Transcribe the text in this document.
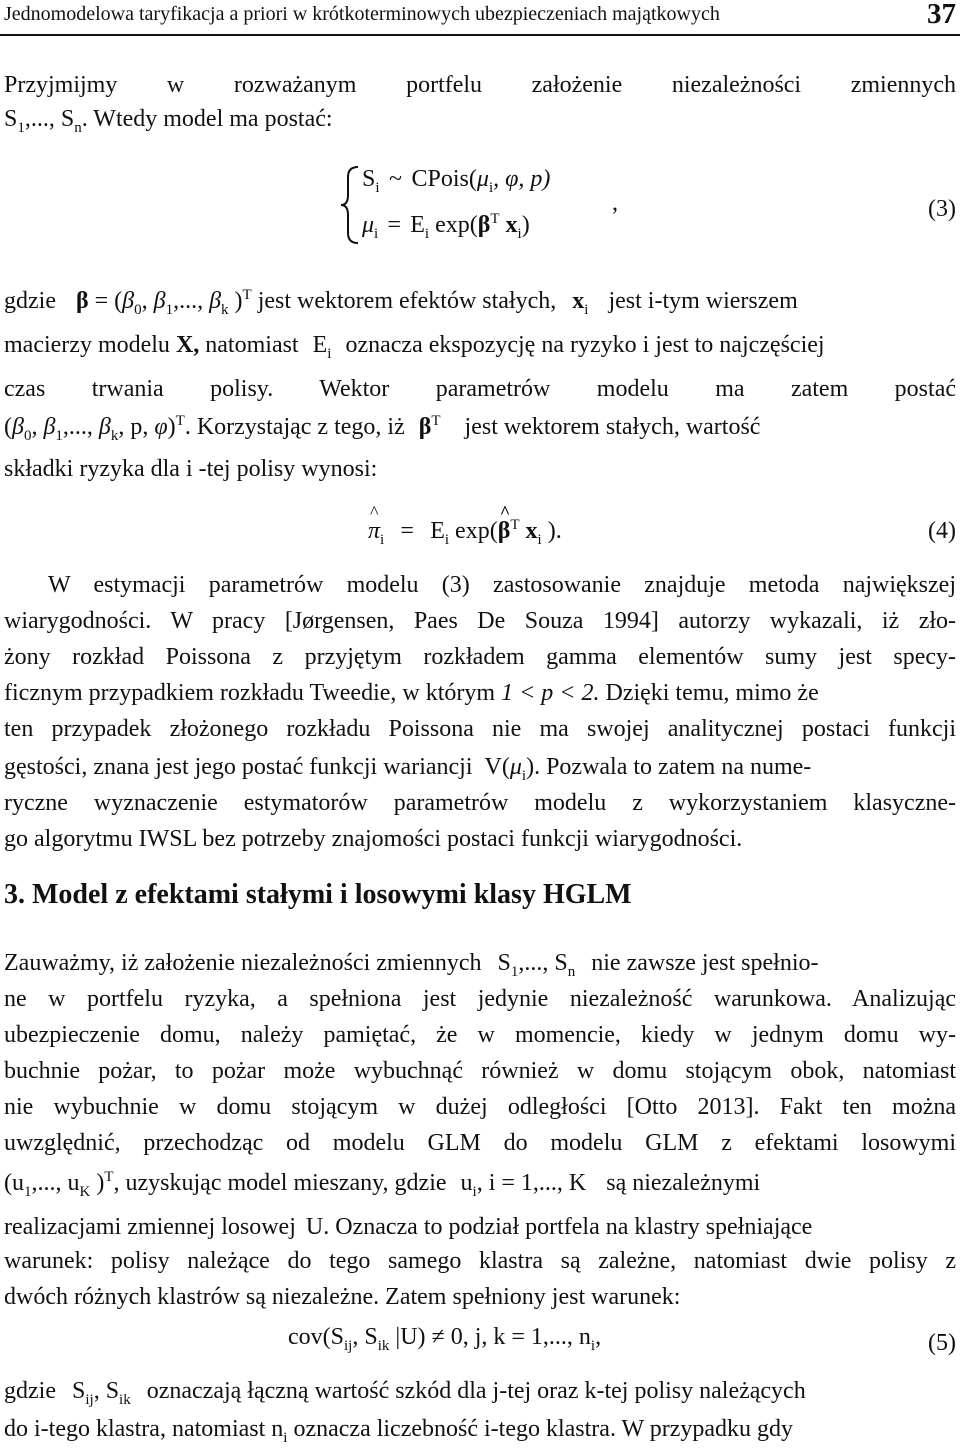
Jednomodelowa taryfikacja a priori w krótkoterminowych ubezpieczeniach majątkowych	37
Przyjmijmy w rozważanym portfelu założenie niezależności zmiennych
$S_1$,..., $S_n$. Wtedy model ma postać:
$S_i$ ~ $CPois(\mu_i$, φ, p)
$\mu_i = E_i$ $\exp(\beta^T$ $x_i$)
,	(3)
gdzie $\beta = (\beta_0$, $\beta_1$,..., $\beta_k$ )$^T$ jest wektorem efektów stałych, $x_i$ jest i-tym wierszem
macierzy modelu X, natomiast $E_i$ oznacza ekspozycję na ryzyko i jest to najczęściej
czas trwania polisy. Wektor parametrów modelu ma zatem postać
($\beta_0$, $\beta_1$,..., $\beta_k$, p, φ)$^T$. Korzystając z tego, iż $\beta^T$ jest wektorem stałych, wartość
składki ryzyka dla i -tej polisy wynosi:
^ $\pi_i = E_i$ exp(^ $\beta^T$ $x_i$ ).	(4)
W estymacji parametrów modelu (3) zastosowanie znajduje metoda największej
wiarygodności. W pracy [Jørgensen, Paes De Souza 1994] autorzy wykazali, iż zło-
żony rozkład Poissona z przyjętym rozkładem gamma elementów sumy jest specy-
ficznym przypadkiem rozkładu Tweedie, w którym 1 < p < 2. Dzięki temu, mimo że
ten przypadek złożonego rozkładu Poissona nie ma swojej analitycznej postaci funkcji
gęstości, znana jest jego postać funkcji wariancji $V(\mu_i)$. Pozwala to zatem na nume-
ryczne wyznaczenie estymatorów parametrów modelu z wykorzystaniem klasyczne-
go algorytmu IWSL bez potrzeby znajomości postaci funkcji wiarygodności.
3. Model z efektami stałymi i losowymi klasy HGLM
Zauważmy, iż założenie niezależności zmiennych $S_1$,..., $S_n$ nie zawsze jest spełnio-
ne w portfelu ryzyka, a spełniona jest jedynie niezależność warunkowa. Analizując
ubezpieczenie domu, należy pamiętać, że w momencie, kiedy w jednym domu wy-
buchnie pożar, to pożar może wybuchnąć również w domu stojącym obok, natomiast
nie wybuchnie w domu stojącym w dużej odległości [Otto 2013]. Fakt ten można
uwzględnić, przechodząc od modelu GLM do modelu GLM z efektami losowymi
($u_1$,..., $u_K$ )$^T$, uzyskując model mieszany, gdzie $u_i$, i = 1,..., K są niezależnymi
realizacjami zmiennej losowej U. Oznacza to podział portfela na klastry spełniające
warunek: polisy należące do tego samego klastra są zależne, natomiast dwie polisy z
dwóch różnych klastrów są niezależne. Zatem spełniony jest warunek:
$cov(S_{ij}$, $S_{ik}$ |U) ≠ 0, j, k = 1,..., $n_i$,	(5)
gdzie $S_{ij}$, $S_{ik}$ oznaczają łączną wartość szkód dla j-tej oraz k-tej polisy należących
do i-tego klastra, natomiast $n_i$ oznacza liczebność i-tego klastra. W przypadku gdy
